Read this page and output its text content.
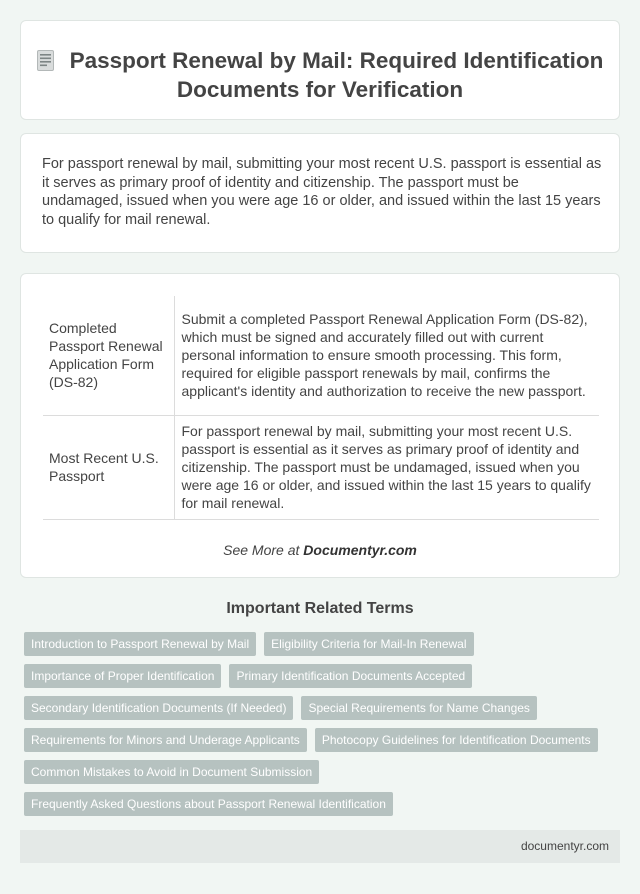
Passport Renewal by Mail: Required Identification Documents for Verification

For passport renewal by mail, submitting your most recent U.S. passport is essential as it serves as primary proof of identity and citizenship. The passport must be undamaged, issued when you were age 16 or older, and issued within the last 15 years to qualify for mail renewal.

Completed Passport Renewal Application Form (DS-82)	Submit a completed Passport Renewal Application Form (DS-82), which must be signed and accurately filled out with current personal information to ensure smooth processing. This form, required for eligible passport renewals by mail, confirms the applicant's identity and authorization to receive the new passport.
Most Recent U.S. Passport	For passport renewal by mail, submitting your most recent U.S. passport is essential as it serves as primary proof of identity and citizenship. The passport must be undamaged, issued when you were age 16 or older, and issued within the last 15 years to qualify for mail renewal.
See More at Documentyr.com
Important Related Terms
Introduction to Passport Renewal by Mail	Eligibility Criteria for Mail-In Renewal
Importance of Proper Identification	Primary Identification Documents Accepted
Secondary Identification Documents (If Needed)	Special Requirements for Name Changes
Requirements for Minors and Underage Applicants	Photocopy Guidelines for Identification Documents
Common Mistakes to Avoid in Document Submission
Frequently Asked Questions about Passport Renewal Identification
documentyr.com
